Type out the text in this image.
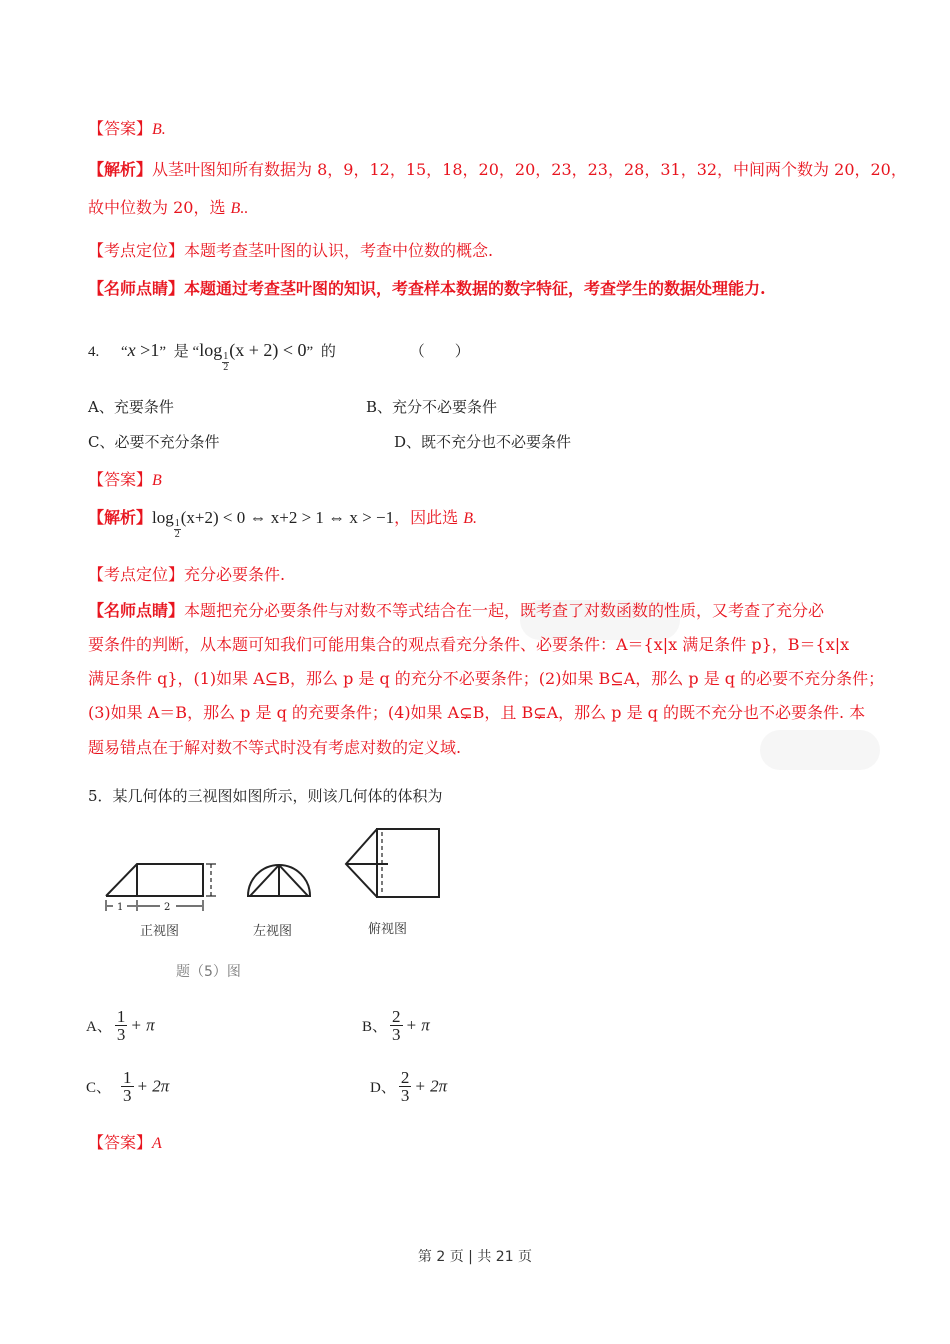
【答案】B.
【解析】从茎叶图知所有数据为 8，9，12，15，18，20，20，23，23，28，31，32，中间两个数为 20，20，
故中位数为 20，选 B..
【考点定位】本题考查茎叶图的认识，考查中位数的概念.
【名师点睛】本题通过考查茎叶图的知识，考查样本数据的数字特征，考查学生的数据处理能力.
4. “x >1” 是 “log
$\frac{1}{2}$
(x + 2) < 0” 的	（　　）
A、充要条件	B、充分不必要条件
C、必要不充分条件	D、既不充分也不必要条件
【答案】B
【解析】log
$\frac{1}{2}$
(x+2) < 0 ⇔ x+2 > 1 ⇔ x > −1，因此选 B.
【考点定位】充分必要条件.
【名师点睛】本题把充分必要条件与对数不等式结合在一起，既考查了对数函数的性质，又考查了充分必
要条件的判断，从本题可知我们可能用集合的观点看充分条件、必要条件：A＝{x|x 满足条件 p}，B＝{x|x
满足条件 q}，(1)如果 A⊆B，那么 p 是 q 的充分不必要条件；(2)如果 B⊆A，那么 p 是 q 的必要不充分条件；
(3)如果 A＝B，那么 p 是 q 的充要条件；(4)如果 A⊊B，且 B⊊A，那么 p 是 q 的既不充分也不必要条件. 本
题易错点在于解对数不等式时没有考虑对数的定义域.
5．某几何体的三视图如图所示，则该几何体的体积为
1	2
正视图	左视图	俯视图
题（5）图
A、 $\frac{1}{3} + \pi$	B、 $\frac{2}{3} + \pi$
C、 $\frac{1}{3} + 2\pi$	D、 $\frac{2}{3} + 2\pi$
【答案】A
第 2 页 | 共 21 页
